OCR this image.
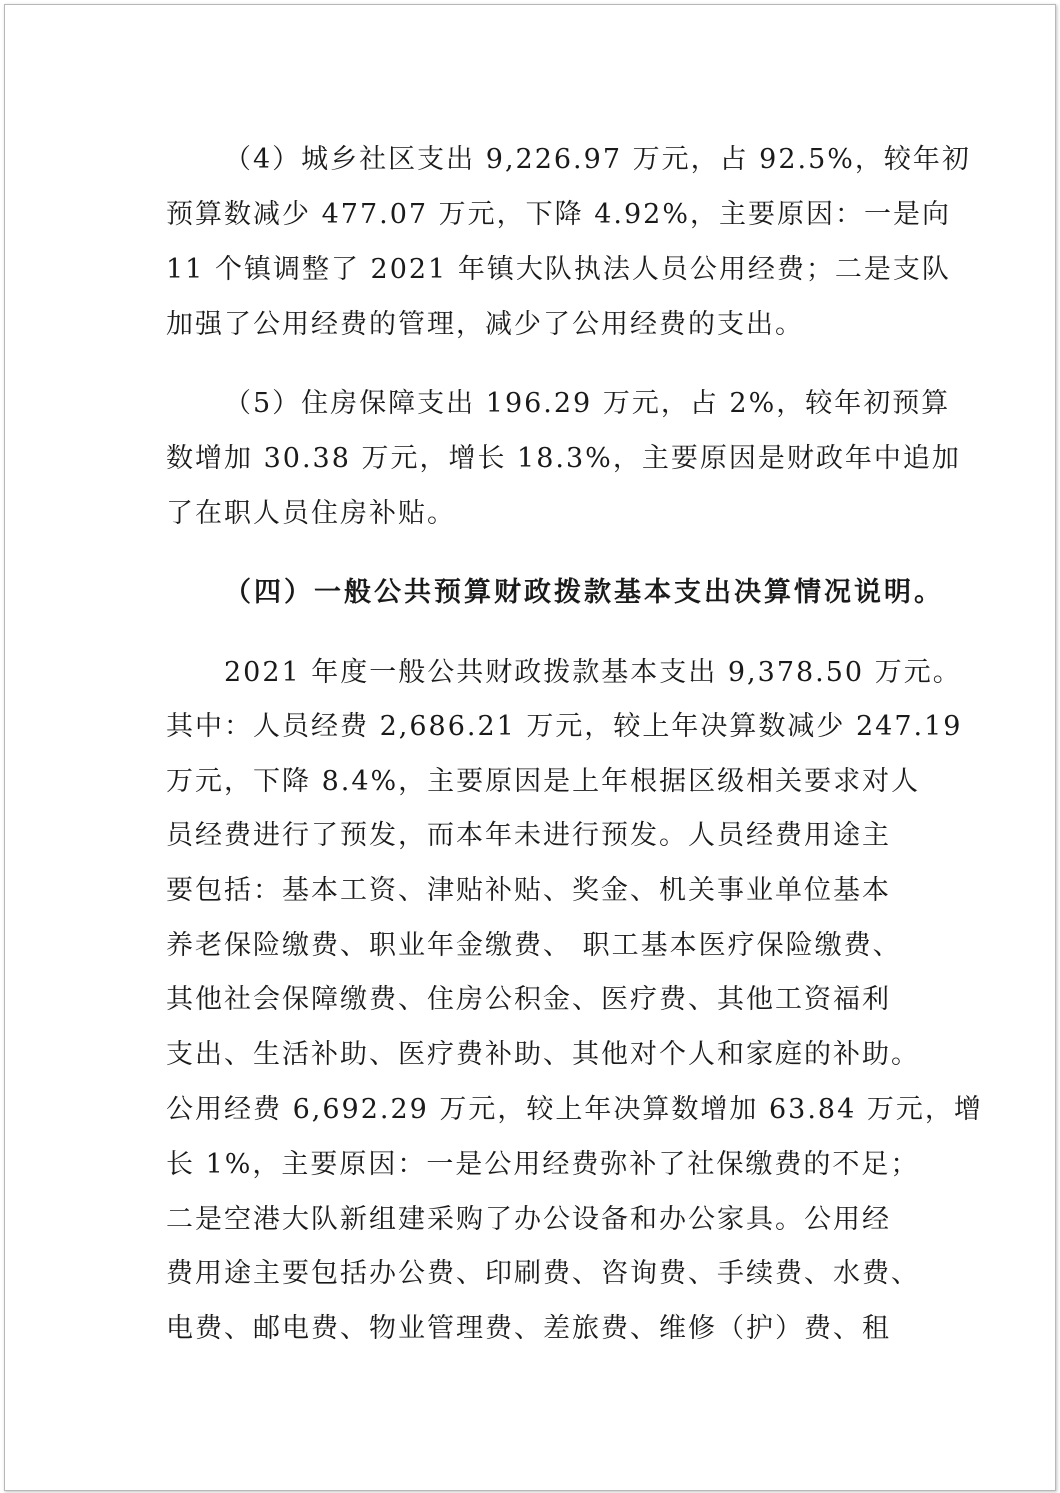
（4）城乡社区支出 9,226.97 万元，占 92.5%，较年初

预算数减少 477.07 万元，下降 4.92%，主要原因：一是向

11 个镇调整了 2021 年镇大队执法人员公用经费；二是支队

加强了公用经费的管理，减少了公用经费的支出。

（5）住房保障支出 196.29 万元，占 2%，较年初预算

数增加 30.38 万元，增长 18.3%，主要原因是财政年中追加

了在职人员住房补贴。

（四）一般公共预算财政拨款基本支出决算情况说明。

2021 年度一般公共财政拨款基本支出 9,378.50 万元。

其中：人员经费 2,686.21 万元，较上年决算数减少 247.19

万元，下降 8.4%，主要原因是上年根据区级相关要求对人

员经费进行了预发，而本年未进行预发。人员经费用途主

要包括：基本工资、津贴补贴、奖金、机关事业单位基本

养老保险缴费、职业年金缴费、 职工基本医疗保险缴费、

其他社会保障缴费、住房公积金、医疗费、其他工资福利

支出、生活补助、医疗费补助、其他对个人和家庭的补助。

公用经费 6,692.29 万元，较上年决算数增加 63.84 万元，增

长 1%，主要原因：一是公用经费弥补了社保缴费的不足；

二是空港大队新组建采购了办公设备和办公家具。公用经

费用途主要包括办公费、印刷费、咨询费、手续费、水费、

电费、邮电费、物业管理费、差旅费、维修（护）费、租
